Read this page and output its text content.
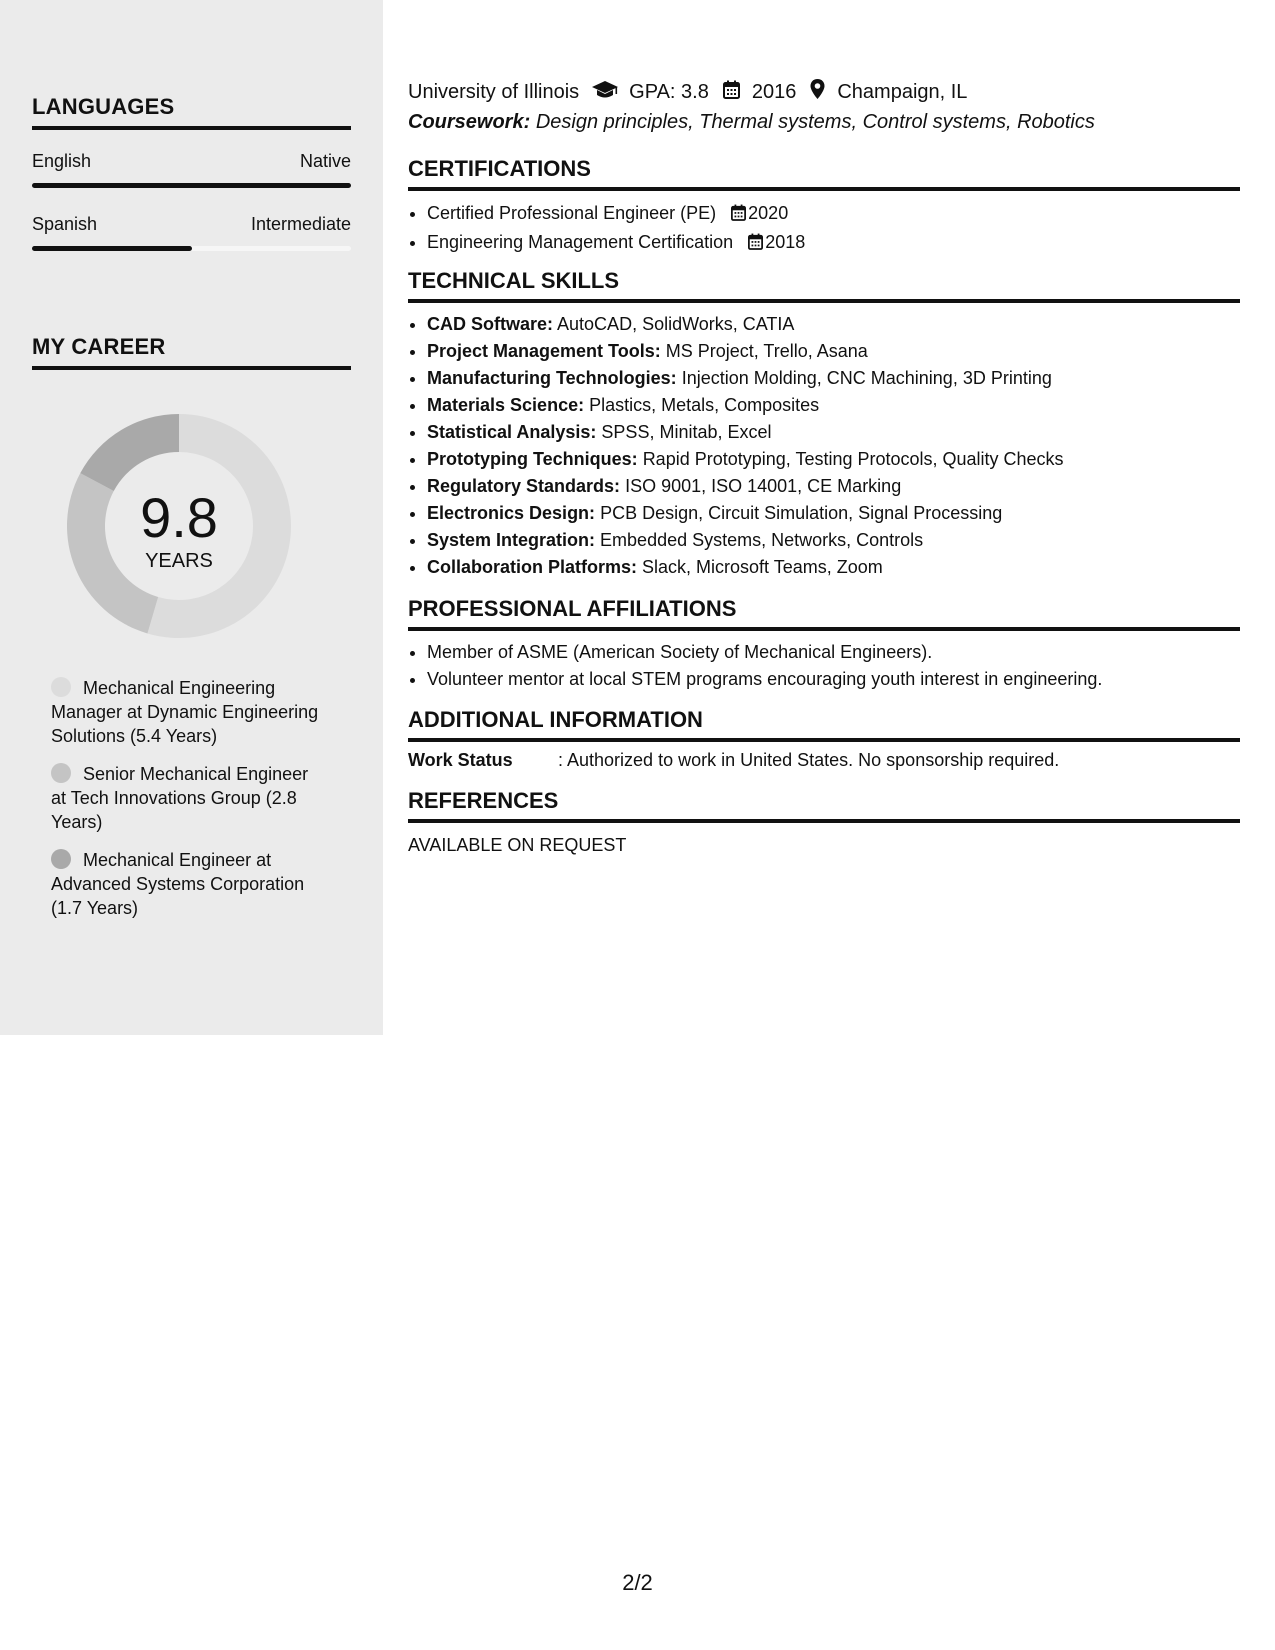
LANGUAGES
English	Native
Spanish	Intermediate
MY CAREER
9.8
YEARS
Mechanical Engineering Manager at Dynamic Engineering Solutions (5.4 Years)
Senior Mechanical Engineer at Tech Innovations Group (2.8 Years)
Mechanical Engineer at Advanced Systems Corporation (1.7 Years)
University of Illinois	GPA: 3.8 2016 Champaign, IL
Coursework: Design principles, Thermal systems, Control systems, Robotics
CERTIFICATIONS
• Certified Professional Engineer (PE) 2020
• Engineering Management Certification 2018
TECHNICAL SKILLS
• CAD Software: AutoCAD, SolidWorks, CATIA
• Project Management Tools: MS Project, Trello, Asana
• Manufacturing Technologies: Injection Molding, CNC Machining, 3D Printing
• Materials Science: Plastics, Metals, Composites
• Statistical Analysis: SPSS, Minitab, Excel
• Prototyping Techniques: Rapid Prototyping, Testing Protocols, Quality Checks
• Regulatory Standards: ISO 9001, ISO 14001, CE Marking
• Electronics Design: PCB Design, Circuit Simulation, Signal Processing
• System Integration: Embedded Systems, Networks, Controls
• Collaboration Platforms: Slack, Microsoft Teams, Zoom
PROFESSIONAL AFFILIATIONS
• Member of ASME (American Society of Mechanical Engineers).
• Volunteer mentor at local STEM programs encouraging youth interest in engineering.
ADDITIONAL INFORMATION
Work Status	: Authorized to work in United States. No sponsorship required.
REFERENCES
AVAILABLE ON REQUEST
2/2
